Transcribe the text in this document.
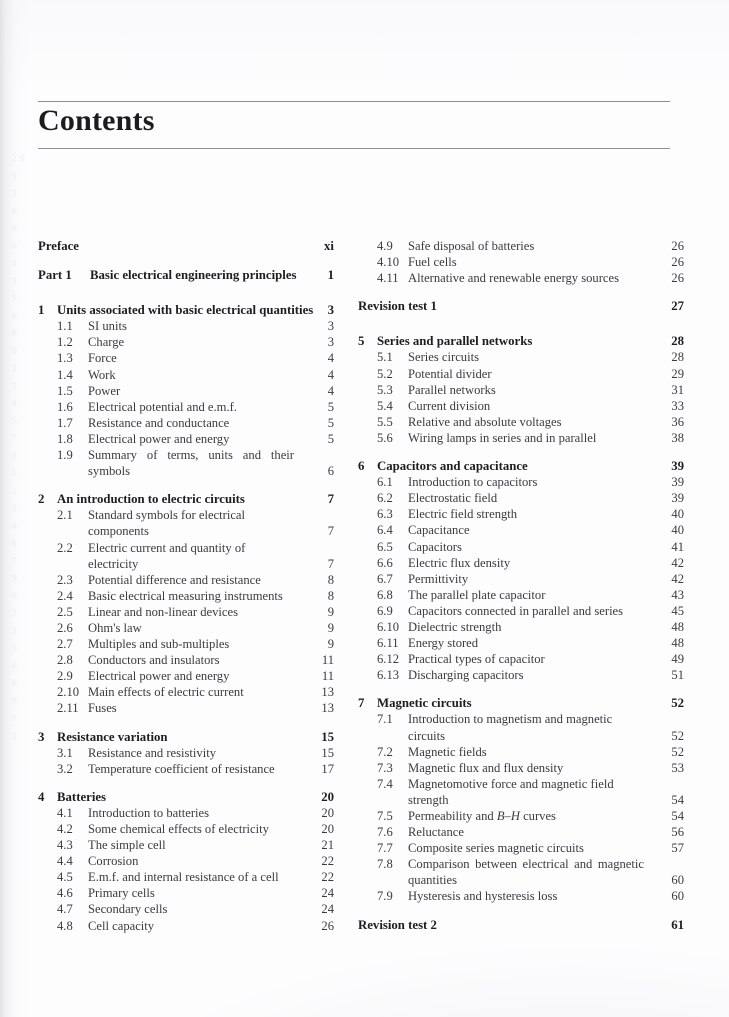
2 6
9
3
6
9
0
1
3
5
6
8
9
1
2
4
5
7
8
0
1
3
4
6
7
9
0
2
3
5
6
8
9
1
2
Contents
Preface	xi
Part 1	Basic electrical engineering principles	1
1 Units associated with basic electrical quantities	3
1.1	SI units	3
1.2	Charge	3
1.3	Force	4
1.4	Work	4
1.5	Power	4
1.6	Electrical potential and e.m.f.	5
1.7	Resistance and conductance	5
1.8	Electrical power and energy	5
1.9	Summary of terms, units and their symbols	6
2 An introduction to electric circuits	7
2.1	Standard symbols for electrical components	7
2.2	Electric current and quantity of electricity	7
2.3	Potential difference and resistance	8
2.4	Basic electrical measuring instruments	8
2.5	Linear and non-linear devices	9
2.6	Ohm's law	9
2.7	Multiples and sub-multiples	9
2.8	Conductors and insulators	11
2.9	Electrical power and energy	11
2.10 Main effects of electric current	13
2.11 Fuses	13
3 Resistance variation	15
3.1	Resistance and resistivity	15
3.2	Temperature coefficient of resistance	17
4 Batteries	20
4.1	Introduction to batteries	20
4.2	Some chemical effects of electricity	20
4.3	The simple cell	21
4.4	Corrosion	22
4.5	E.m.f. and internal resistance of a cell	22
4.6	Primary cells	24
4.7	Secondary cells	24
4.8	Cell capacity	26
4.9	Safe disposal of batteries	26
4.10 Fuel cells	26
4.11 Alternative and renewable energy sources	26
Revision test 1	27
5 Series and parallel networks	28
5.1	Series circuits	28
5.2	Potential divider	29
5.3	Parallel networks	31
5.4	Current division	33
5.5	Relative and absolute voltages	36
5.6	Wiring lamps in series and in parallel	38
6 Capacitors and capacitance	39
6.1	Introduction to capacitors	39
6.2	Electrostatic field	39
6.3	Electric field strength	40
6.4	Capacitance	40
6.5	Capacitors	41
6.6	Electric flux density	42
6.7	Permittivity	42
6.8	The parallel plate capacitor	43
6.9	Capacitors connected in parallel and series	45
6.10 Dielectric strength	48
6.11 Energy stored	48
6.12 Practical types of capacitor	49
6.13 Discharging capacitors	51
7 Magnetic circuits	52
7.1	Introduction to magnetism and magnetic circuits	52
7.2	Magnetic fields	52
7.3	Magnetic flux and flux density	53
7.4	Magnetomotive force and magnetic field strength	54
7.5	Permeability and B–H curves	54
7.6	Reluctance	56
7.7	Composite series magnetic circuits	57
7.8	Comparison between electrical and magnetic quantities	60
7.9	Hysteresis and hysteresis loss	60
Revision test 2	61
